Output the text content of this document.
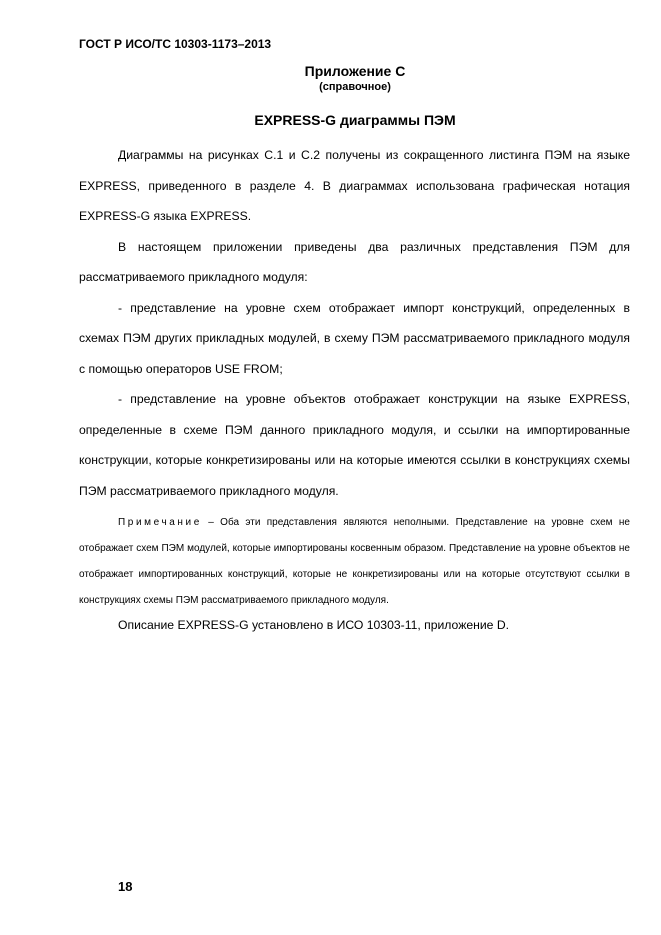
ГОСТ Р ИСО/ТС 10303-1173–2013
Приложение С
(справочное)
EXPRESS-G диаграммы ПЭМ

Диаграммы на рисунках С.1 и С.2 получены из сокращенного листинга ПЭМ на языке EXPRESS, приведенного в разделе 4. В диаграммах использована графическая нотация EXPRESS-G языка EXPRESS.

В настоящем приложении приведены два различных представления ПЭМ для рассматриваемого прикладного модуля:

- представление на уровне схем отображает импорт конструкций, определенных в схемах ПЭМ других прикладных модулей, в схему ПЭМ рассматриваемого прикладного модуля с помощью операторов USE FROM;

- представление на уровне объектов отображает конструкции на языке EXPRESS, определенные в схеме ПЭМ данного прикладного модуля, и ссылки на импортированные конструкции, которые конкретизированы или на которые имеются ссылки в конструкциях схемы ПЭМ рассматриваемого прикладного модуля.

Примечание – Оба эти представления являются неполными. Представление на уровне схем не отображает схем ПЭМ модулей, которые импортированы косвенным образом. Представление на уровне объектов не отображает импортированных конструкций, которые не конкретизированы или на которые отсутствуют ссылки в конструкциях схемы ПЭМ рассматриваемого прикладного модуля.

Описание EXPRESS-G установлено в ИСО 10303-11, приложение D.

18
